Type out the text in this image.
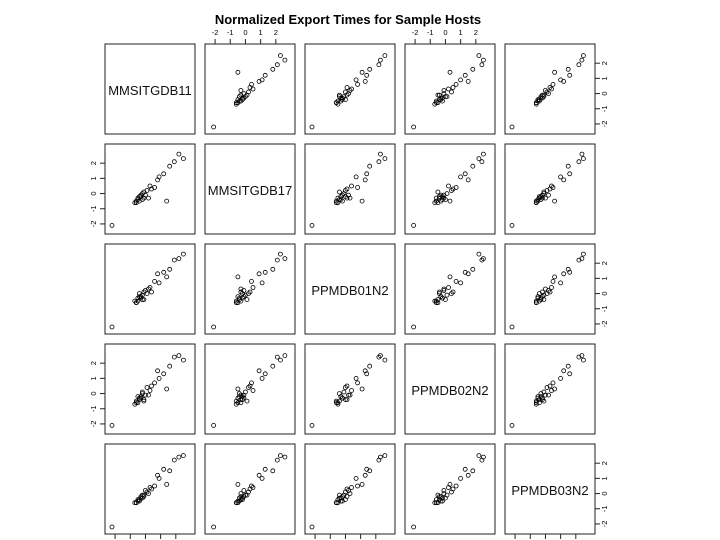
Normalized Export Times for Sample Hosts
MMSITGDB11
MMSITGDB17
PPMDB01N2
PPMDB02N2
PPMDB03N2
-2 -1 0 1 2	-2 -1 0 1 2
-2
-1
0
1
2
-2
-1
0
1
2
-2
-1
0
1
2
-2
-1
0
1
2
-2
-1
0
1
2
